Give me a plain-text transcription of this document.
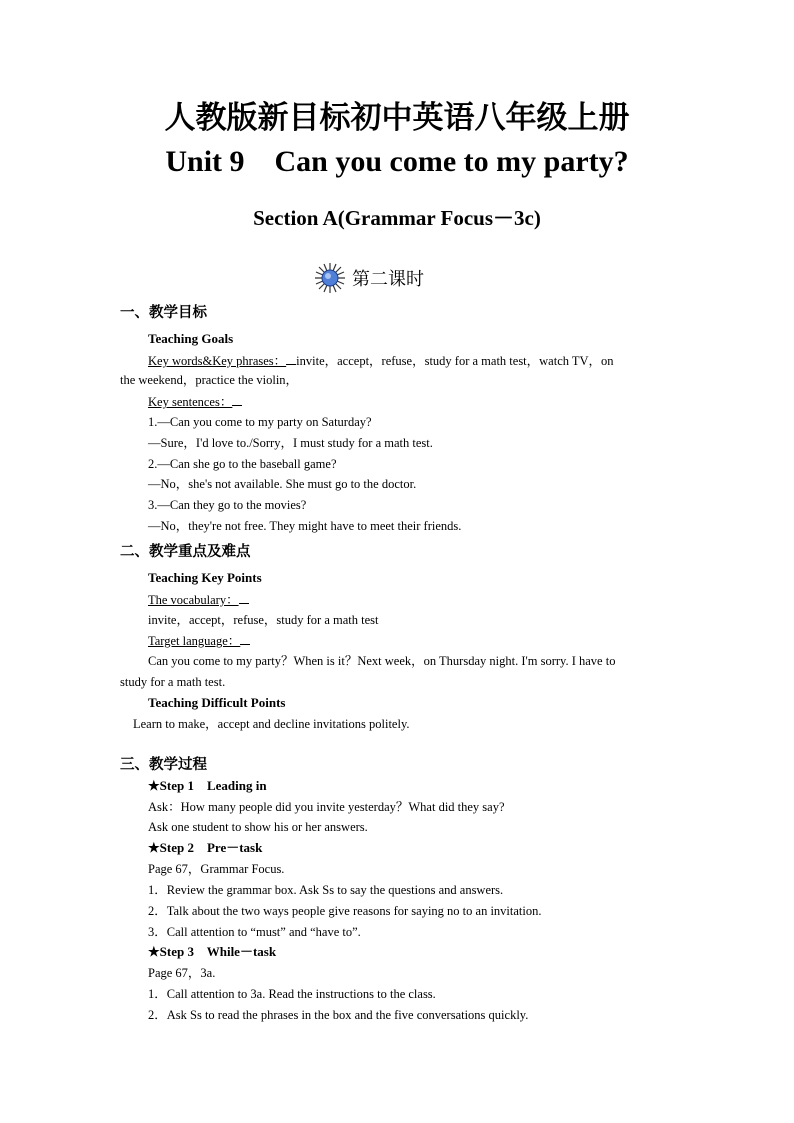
人教版新目标初中英语八年级上册
Unit 9    Can you come to my party?
Section A(Grammar Focus－3c)
第二课时
一、教学目标
Teaching Goals
Key words&Key phrases： invite，accept，refuse，study for a math test，watch TV，on
the weekend，practice the violin，
Key sentences：
1.—Can you come to my party on Saturday?
—Sure，I'd love to./Sorry，I must study for a math test.
2.—Can she go to the baseball game?
—No，she's not available. She must go to the doctor.
3.—Can they go to the movies?
—No，they're not free. They might have to meet their friends.
二、教学重点及难点
Teaching Key Points
The vocabulary：
invite，accept，refuse，study for a math test
Target language：
Can you come to my party？When is it？Next week，on Thursday night. I'm sorry. I have to
study for a math test.
Teaching Difficult Points
Learn to make，accept and decline invitations politely.
三、教学过程
★Step 1    Leading in
Ask：How many people did you invite yesterday？What did they say?
Ask one student to show his or her answers.
★Step 2    Pre－task
Page 67，Grammar Focus.
1．Review the grammar box. Ask Ss to say the questions and answers.
2．Talk about the two ways people give reasons for saying no to an invitation.
3．Call attention to “must” and “have to”.
★Step 3    While－task
Page 67，3a.
1．Call attention to 3a. Read the instructions to the class.
2．Ask Ss to read the phrases in the box and the five conversations quickly.
